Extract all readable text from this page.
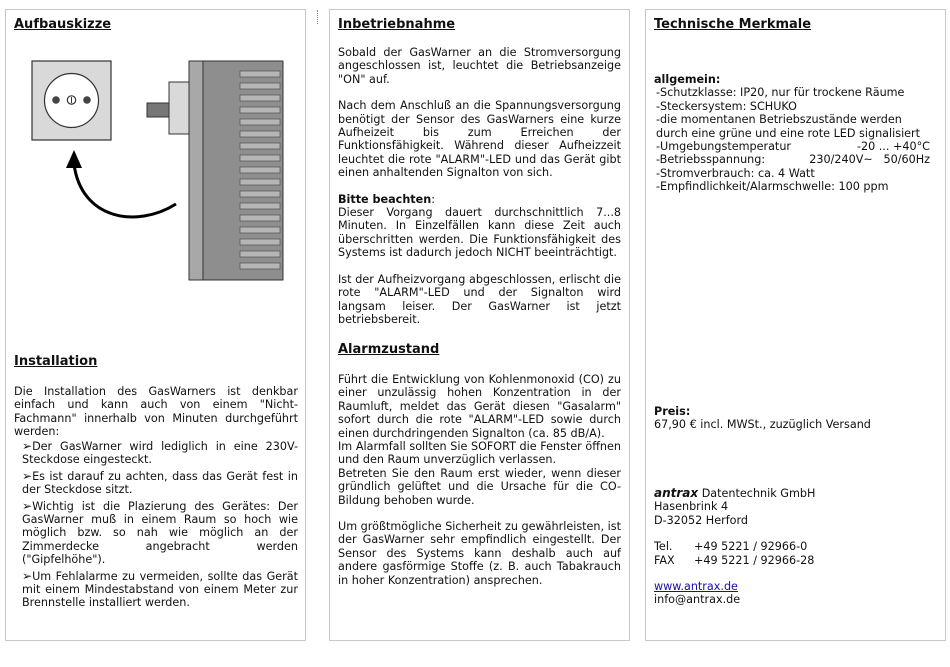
Aufbauskizze
Installation
Die Installation des GasWarners ist denkbar einfach und kann auch von einem "Nicht-Fachmann" innerhalb von Minuten durchgeführt werden:
➢Der GasWarner wird lediglich in eine 230V-Steckdose eingesteckt.
➢Es ist darauf zu achten, dass das Gerät fest in der Steckdose sitzt.
➢Wichtig ist die Plazierung des Gerätes: Der GasWarner muß in einem Raum so hoch wie möglich bzw. so nah wie möglich an der Zimmerdecke angebracht werden ("Gipfelhöhe").
➢Um Fehlalarme zu vermeiden, sollte das Gerät mit einem Mindestabstand von einem Meter zur Brennstelle installiert werden.
Inbetriebnahme

Sobald der GasWarner an die Stromversorgung angeschlossen ist, leuchtet die Betriebsanzeige "ON" auf.

Nach dem Anschluß an die Spannungsversorgung benötigt der Sensor des GasWarners eine kurze Aufheizeit bis zum Erreichen der Funktionsfähigkeit. Während dieser Aufheizzeit leuchtet die rote "ALARM"-LED und das Gerät gibt einen anhaltenden Signalton von sich.

Bitte beachten:
Dieser Vorgang dauert durchschnittlich 7...8 Minuten. In Einzelfällen kann diese Zeit auch überschritten werden. Die Funktionsfähigkeit des Systems ist dadurch jedoch NICHT beeinträchtigt.

Ist der Aufheizvorgang abgeschlossen, erlischt die rote "ALARM"-LED und der Signalton wird langsam leiser. Der GasWarner ist jetzt betriebsbereit.

Alarmzustand

Führt die Entwicklung von Kohlenmonoxid (CO) zu einer unzulässig hohen Konzentration in der Raumluft, meldet das Gerät diesen "Gasalarm" sofort durch die rote "ALARM"-LED sowie durch einen durchdringenden Signalton (ca. 85 dB/A).

Im Alarmfall sollten Sie SOFORT die Fenster öffnen und den Raum unverzüglich verlassen.

Betreten Sie den Raum erst wieder, wenn dieser gründlich gelüftet und die Ursache für die CO-Bildung behoben wurde.

Um größtmögliche Sicherheit zu gewährleisten, ist der GasWarner sehr empfindlich eingestellt. Der Sensor des Systems kann deshalb auch auf andere gasförmige Stoffe (z. B. auch Tabakrauch in hoher Konzentration) ansprechen.

Technische Merkmale

allgemein:

-Schutzklasse: IP20, nur für trockene Räume

-Steckersystem: SCHUKO

-die momentanen Betriebszustände werden durch eine grüne und eine rote LED signalisiert

-Umgebungstemperatur	-20 ... +40°C
-Betriebsspannung:	230/240V~   50/60Hz

-Stromverbrauch: ca. 4 Watt

-Empfindlichkeit/Alarmschwelle: 100 ppm

Preis:

67,90 € incl. MWSt., zuzüglich Versand

antrax Datentechnik GmbH

Hasenbrink 4

D-32052 Herford

Tel.	+49 5221 / 92966-0
FAX	+49 5221 / 92966-28

www.antrax.de

info@antrax.de
